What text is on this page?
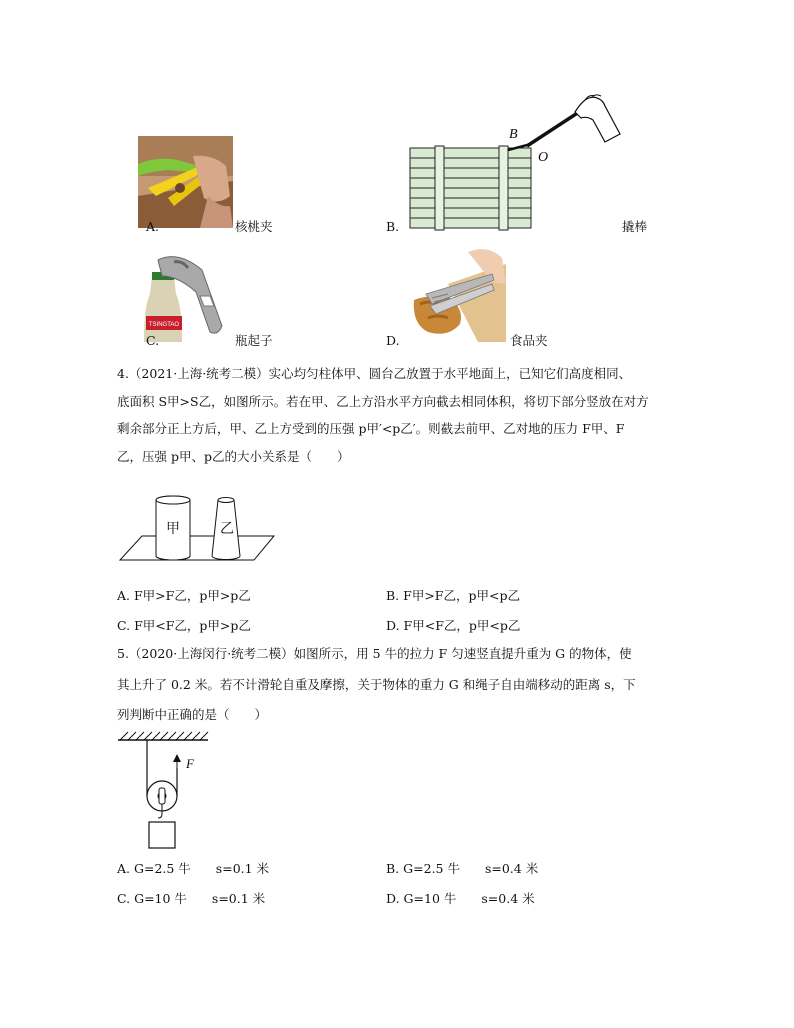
A.	核桃夹
B
O
B.	撬棒
TSINGTAO
C.	瓶起子	D.	食品夹
4.（2021·上海·统考二模）实心均匀柱体甲、圆台乙放置于水平地面上，已知它们高度相同、
底面积 S甲>S乙，如图所示。若在甲、乙上方沿水平方向截去相同体积，将切下部分竖放在对方
剩余部分正上方后，甲、乙上方受到的压强 p甲′<p乙′。则截去前甲、乙对地的压力 F甲、F
乙，压强 p甲、p乙的大小关系是（　　）
甲	乙
A. F甲>F乙，p甲>p乙	B. F甲>F乙，p甲<p乙
C. F甲<F乙，p甲>p乙	D. F甲<F乙，p甲<p乙
5.（2020·上海闵行·统考二模）如图所示，用 5 牛的拉力 F 匀速竖直提升重为 G 的物体，使
其上升了 0.2 米。若不计滑轮自重及摩擦，关于物体的重力 G 和绳子自由端移动的距离 s，下
列判断中正确的是（　　）
F
A. G=2.5 牛　　s=0.1 米	B. G=2.5 牛　　s=0.4 米
C. G=10 牛　　s=0.1 米	D. G=10 牛　　s=0.4 米
